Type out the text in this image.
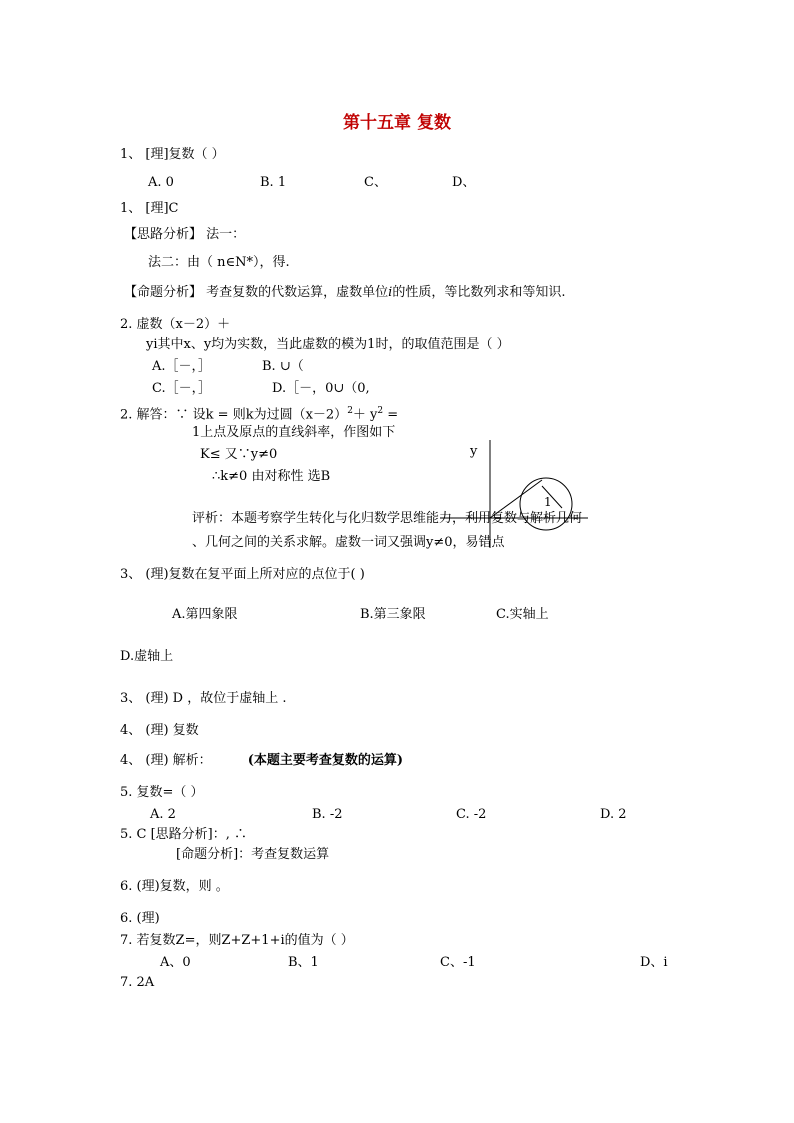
第十五章 复数
1、 [理]复数（ ）
A. 0	B. 1	C、	D、
1、 [理]C
【思路分析】 法一：
法二：由（ n∈N*），得.
【命题分析】 考查复数的代数运算，虚数单位i的性质，等比数列求和等知识.
2. 虚数（x－2）＋
yi其中x、y均为实数，当此虚数的模为1时，的取值范围是（ ）
A.［－，］	B. ∪（
C.［－，］	D.［－，0∪（0,
2. 解答：∵ 设k = 则k为过圆$(x-2)^2+ y^2$ =
1上点及原点的直线斜率，作图如下
K≤ 又∵y≠0
∴k≠0 由对称性 选B
y
1
评析：本题考察学生转化与化归数学思维能力，利用复数与解析几何
、几何之间的关系求解。虚数一词又强调y≠0，易错点
3、 (理)复数在复平面上所对应的点位于( )
A.第四象限	B.第三象限	C.实轴上
D.虚轴上
3、 (理) D ，故位于虚轴上 .
4、 (理) 复数
4、 (理) 解析：	(本题主要考查复数的运算)
5. 复数=（ ）
A. 2	B. -2	C. -2	D. 2
5. C [思路分析]：, ∴
[命题分析]：考查复数运算
6. (理)复数，则 。
6. (理)
7. 若复数Z=，则Z+Z+1+i的值为（ ）
A、0	B、1	C、-1	D、i
7. 2A
